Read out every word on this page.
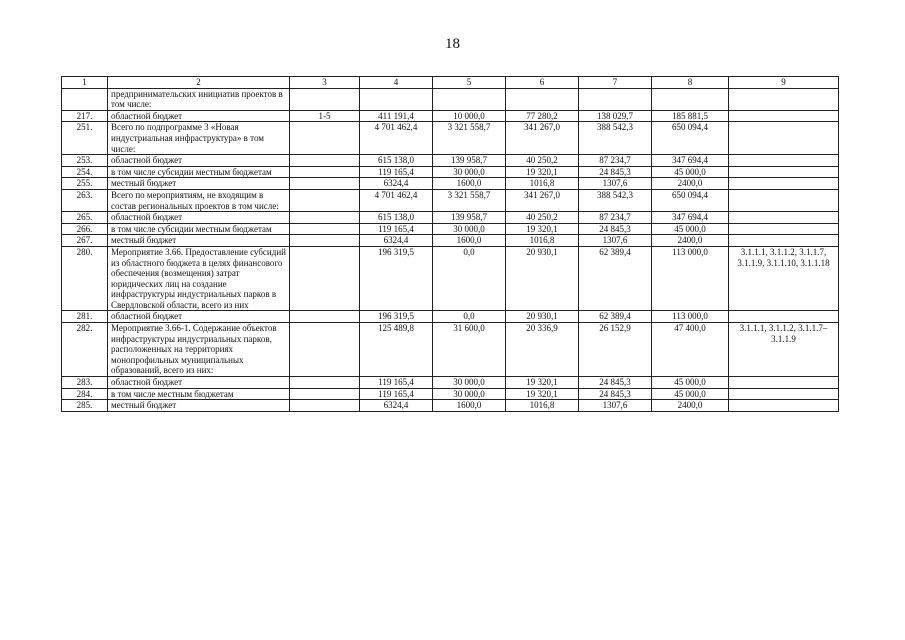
18
1	2	3	4	5	6	7	8	9
	предпринимательских инициатив проектов в том числе:							
217.	областной бюджет	1-5	411 191,4	10 000,0	77 280,2	138 029,7	185 881,5	
251.	Всего по подпрограмме 3 «Новая индустриальная инфраструктура» в том числе:		4 701 462,4	3 321 558,7	341 267,0	388 542,3	650 094,4	
253.	областной бюджет		615 138,0	139 958,7	40 250,2	87 234,7	347 694,4	
254.	в том числе субсидии местным бюджетам		119 165,4	30 000,0	19 320,1	24 845,3	45 000,0	
255.	местный бюджет		6324,4	1600,0	1016,8	1307,6	2400,0	
263.	Всего по мероприятиям, не входящим в состав региональных проектов в том числе:		4 701 462,4	3 321 558,7	341 267,0	388 542,3	650 094,4	
265.	областной бюджет		615 138,0	139 958,7	40 250,2	87 234,7	347 694,4	
266.	в том числе субсидии местным бюджетам		119 165,4	30 000,0	19 320,1	24 845,3	45 000,0	
267.	местный бюджет		6324,4	1600,0	1016,8	1307,6	2400,0	
280.	Мероприятие 3.66. Предоставление субсидий из областного бюджета в целях финансового обеспечения (возмещения) затрат юридических лиц на создание инфраструктуры индустриальных парков в Свердловской области, всего из них		196 319,5	0,0	20 930,1	62 389,4	113 000,0	3.1.1.1, 3.1.1.2, 3.1.1.7, 3.1.1.9, 3.1.1.10, 3.1.1.18
281.	областной бюджет		196 319,5	0,0	20 930,1	62 389,4	113 000,0	
282.	Мероприятие 3.66-1. Содержание объектов инфраструктуры индустриальных парков, расположенных на территориях монопрофильных муниципальных образований, всего из них:		125 489,8	31 600,0	20 336,9	26 152,9	47 400,0	3.1.1.1, 3.1.1.2, 3.1.1.7–3.1.1.9
283.	областной бюджет		119 165,4	30 000,0	19 320,1	24 845,3	45 000,0	
284.	в том числе местным бюджетам		119 165,4	30 000,0	19 320,1	24 845,3	45 000,0	
285.	местный бюджет		6324,4	1600,0	1016,8	1307,6	2400,0	
